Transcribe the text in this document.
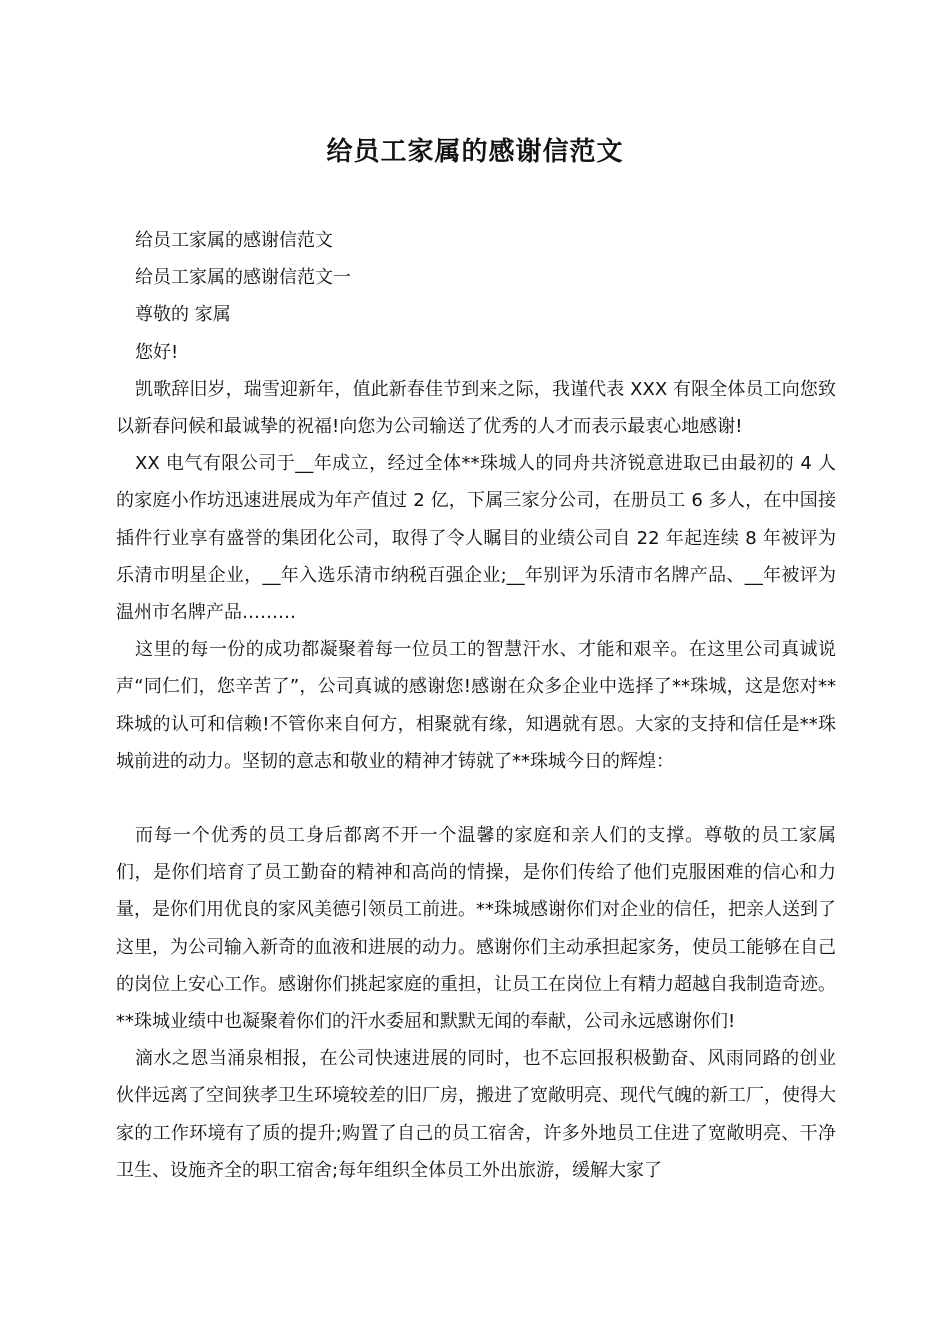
给员工家属的感谢信范文

给员工家属的感谢信范文

给员工家属的感谢信范文一

尊敬的 家属

您好!

凯歌辞旧岁，瑞雪迎新年，值此新春佳节到来之际，我谨代表 XXX 有限全体员工向您致以新春问候和最诚挚的祝福!向您为公司输送了优秀的人才而表示最衷心地感谢!

XX 电气有限公司于__年成立，经过全体**珠城人的同舟共济锐意进取已由最初的 4 人的家庭小作坊迅速进展成为年产值过 2 亿，下属三家分公司，在册员工 6 多人，在中国接插件行业享有盛誉的集团化公司，取得了令人瞩目的业绩公司自 22 年起连续 8 年被评为乐清市明星企业，__年入选乐清市纳税百强企业;__年别评为乐清市名牌产品、__年被评为温州市名牌产品………

这里的每一份的成功都凝聚着每一位员工的智慧汗水、才能和艰辛。在这里公司真诚说声“同仁们，您辛苦了”，公司真诚的感谢您!感谢在众多企业中选择了**珠城，这是您对**珠城的认可和信赖!不管你来自何方，相聚就有缘，知遇就有恩。大家的支持和信任是**珠城前进的动力。坚韧的意志和敬业的精神才铸就了**珠城今日的辉煌：

而每一个优秀的员工身后都离不开一个温馨的家庭和亲人们的支撑。尊敬的员工家属们，是你们培育了员工勤奋的精神和高尚的情操，是你们传给了他们克服困难的信心和力量，是你们用优良的家风美德引领员工前进。**珠城感谢你们对企业的信任，把亲人送到了这里，为公司输入新奇的血液和进展的动力。感谢你们主动承担起家务，使员工能够在自己的岗位上安心工作。感谢你们挑起家庭的重担，让员工在岗位上有精力超越自我制造奇迹。**珠城业绩中也凝聚着你们的汗水委屈和默默无闻的奉献，公司永远感谢你们!

滴水之恩当涌泉相报，在公司快速进展的同时，也不忘回报积极勤奋、风雨同路的创业伙伴远离了空间狭孝卫生环境较差的旧厂房，搬进了宽敞明亮、现代气魄的新工厂，使得大家的工作环境有了质的提升;购置了自己的员工宿舍，许多外地员工住进了宽敞明亮、干净卫生、设施齐全的职工宿舍;每年组织全体员工外出旅游，缓解大家了
